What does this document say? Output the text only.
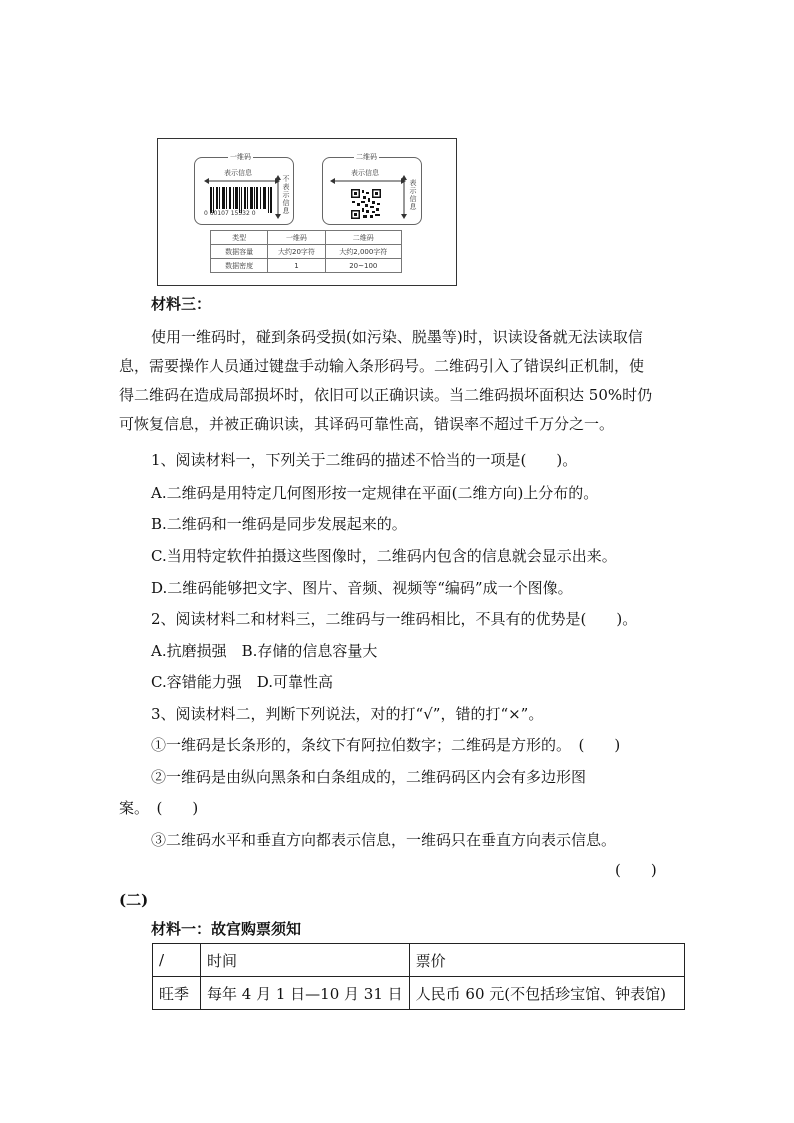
一维码
表示信息
0 60107 15332 0
不表示信息
二维码
表示信息
表示信息
类型	一维码	二维码
数据容量	大约20字符	大约2,000字符
数据密度	1	20~100
材料三：
使用一维码时，碰到条码受损(如污染、脱墨等)时，识读设备就无法读取信
息，需要操作人员通过键盘手动输入条形码号。二维码引入了错误纠正机制，使
得二维码在造成局部损坏时，依旧可以正确识读。当二维码损坏面积达 50%时仍
可恢复信息，并被正确识读，其译码可靠性高，错误率不超过千万分之一。
1、阅读材料一，下列关于二维码的描述不恰当的一项是(　　)。
A.二维码是用特定几何图形按一定规律在平面(二维方向)上分布的。
B.二维码和一维码是同步发展起来的。
C.当用特定软件拍摄这些图像时，二维码内包含的信息就会显示出来。
D.二维码能够把文字、图片、音频、视频等“编码”成一个图像。
2、阅读材料二和材料三，二维码与一维码相比，不具有的优势是(　　)。
A.抗磨损强　B.存储的信息容量大
C.容错能力强　D.可靠性高
3、阅读材料二，判断下列说法，对的打“√”，错的打“×”。
①一维码是长条形的，条纹下有阿拉伯数字；二维码是方形的。　(　　)
②一维码是由纵向黑条和白条组成的，二维码码区内会有多边形图
案。　(　　)
③二维码水平和垂直方向都表示信息，一维码只在垂直方向表示信息。
(　　)
(二)
材料一：故宫购票须知
/	时间	票价
旺季	每年 4 月 1 日—10 月 31 日	人民币 60 元(不包括珍宝馆、钟表馆)
